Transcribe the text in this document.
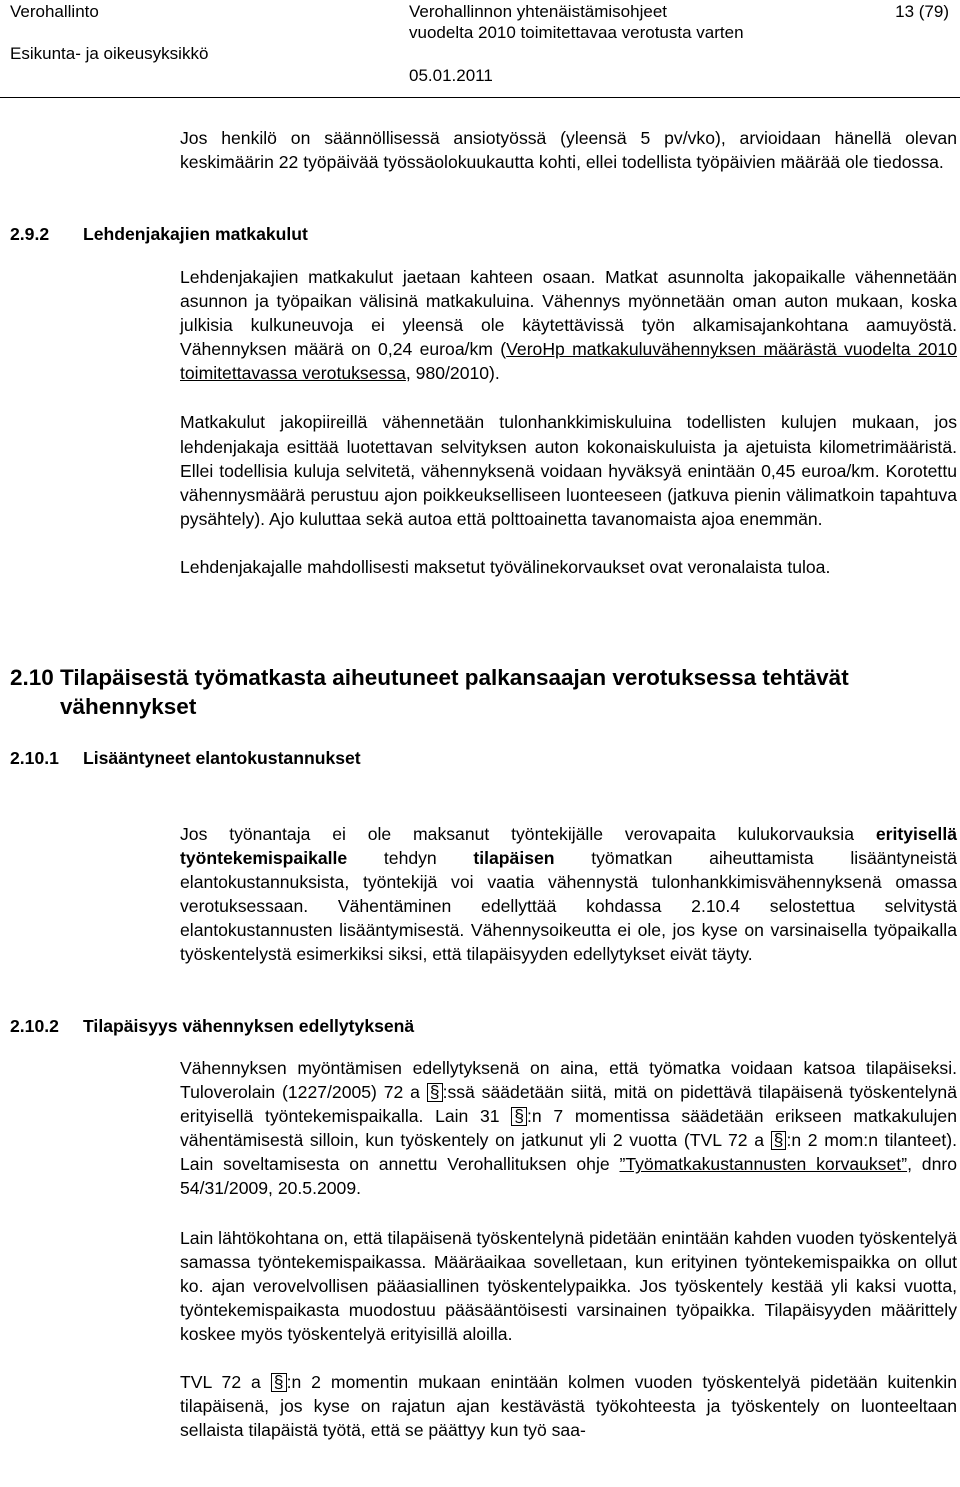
Verohallinto
Esikunta- ja oikeusyksikkö
Verohallinnon yhtenäistämisohjeet
vuodelta 2010 toimitettavaa verotusta varten
05.01.2011
13 (79)

Jos henkilö on säännöllisessä ansiotyössä (yleensä 5 pv/vko), arvioidaan hänellä olevan keskimäärin 22 työpäivää työssäolokuukautta kohti, ellei todellista työpäivien määrää ole tiedossa.

2.9.2 Lehdenjakajien matkakulut

Lehdenjakajien matkakulut jaetaan kahteen osaan. Matkat asunnolta jakopaikalle vähennetään asunnon ja työpaikan välisinä matkakuluina. Vähennys myönnetään oman auton mukaan, koska julkisia kulkuneuvoja ei yleensä ole käytettävissä työn alkamisajankohtana aamuyöstä. Vähennyksen määrä on 0,24 euroa/km (VeroHp matkakuluvähennyksen määrästä vuodelta 2010 toimitettavassa verotuksessa, 980/2010).

Matkakulut jakopiireillä vähennetään tulonhankkimiskuluina todellisten kulujen mukaan, jos lehdenjakaja esittää luotettavan selvityksen auton kokonaiskuluista ja ajetuista kilometrimääristä. Ellei todellisia kuluja selvitetä, vähennyksenä voidaan hyväksyä enintään 0,45 euroa/km. Korotettu vähennysmäärä perustuu ajon poikkeukselliseen luonteeseen (jatkuva pienin välimatkoin tapahtuva pysähtely). Ajo kuluttaa sekä autoa että polttoainetta tavanomaista ajoa enemmän.

Lehdenjakajalle mahdollisesti maksetut työvälinekorvaukset ovat veronalaista tuloa.

2.10 Tilapäisestä työmatkasta aiheutuneet palkansaajan verotuksessa tehtävät vähennykset
2.10.1 Lisääntyneet elantokustannukset

Jos työnantaja ei ole maksanut työntekijälle verovapaita kulukorvauksia erityisellä työntekemispaikalle tehdyn tilapäisen työmatkan aiheuttamista lisääntyneistä elantokustannuksista, työntekijä voi vaatia vähennystä tulonhankkimisvähennyksenä omassa verotuksessaan. Vähentäminen edellyttää kohdassa 2.10.4 selostettua selvitystä elantokustannusten lisääntymisestä. Vähennysoikeutta ei ole, jos kyse on varsinaisella työpaikalla työskentelystä esimerkiksi siksi, että tilapäisyyden edellytykset eivät täyty.

2.10.2 Tilapäisyys vähennyksen edellytyksenä

Vähennyksen myöntämisen edellytyksenä on aina, että työmatka voidaan katsoa tilapäiseksi. Tuloverolain (1227/2005) 72 a § :ssä säädetään siitä, mitä on pidettävä tilapäisenä työskentelynä erityisellä työntekemispaikalla. Lain 31 § :n 7 momentissa säädetään erikseen matkakulujen vähentämisestä silloin, kun työskentely on jatkunut yli 2 vuotta (TVL 72 a § :n 2 mom:n tilanteet). Lain soveltamisesta on annettu Verohallituksen ohje ”Työmatkakustannusten korvaukset”, dnro 54/31/2009, 20.5.2009.

Lain lähtökohtana on, että tilapäisenä työskentelynä pidetään enintään kahden vuoden työskentelyä samassa työntekemispaikassa. Määräaikaa sovelletaan, kun erityinen työntekemispaikka on ollut ko. ajan verovelvollisen pääasiallinen työskentelypaikka. Jos työskentely kestää yli kaksi vuotta, työntekemispaikasta muodostuu pääsääntöisesti varsinainen työpaikka. Tilapäisyyden määrittely koskee myös työskentelyä erityisillä aloilla.

TVL 72 a § :n 2 momentin mukaan enintään kolmen vuoden työskentelyä pidetään kuitenkin tilapäisenä, jos kyse on rajatun ajan kestävästä työkohteesta ja työskentely on luonteeltaan sellaista tilapäistä työtä, että se päättyy kun työ saa-
